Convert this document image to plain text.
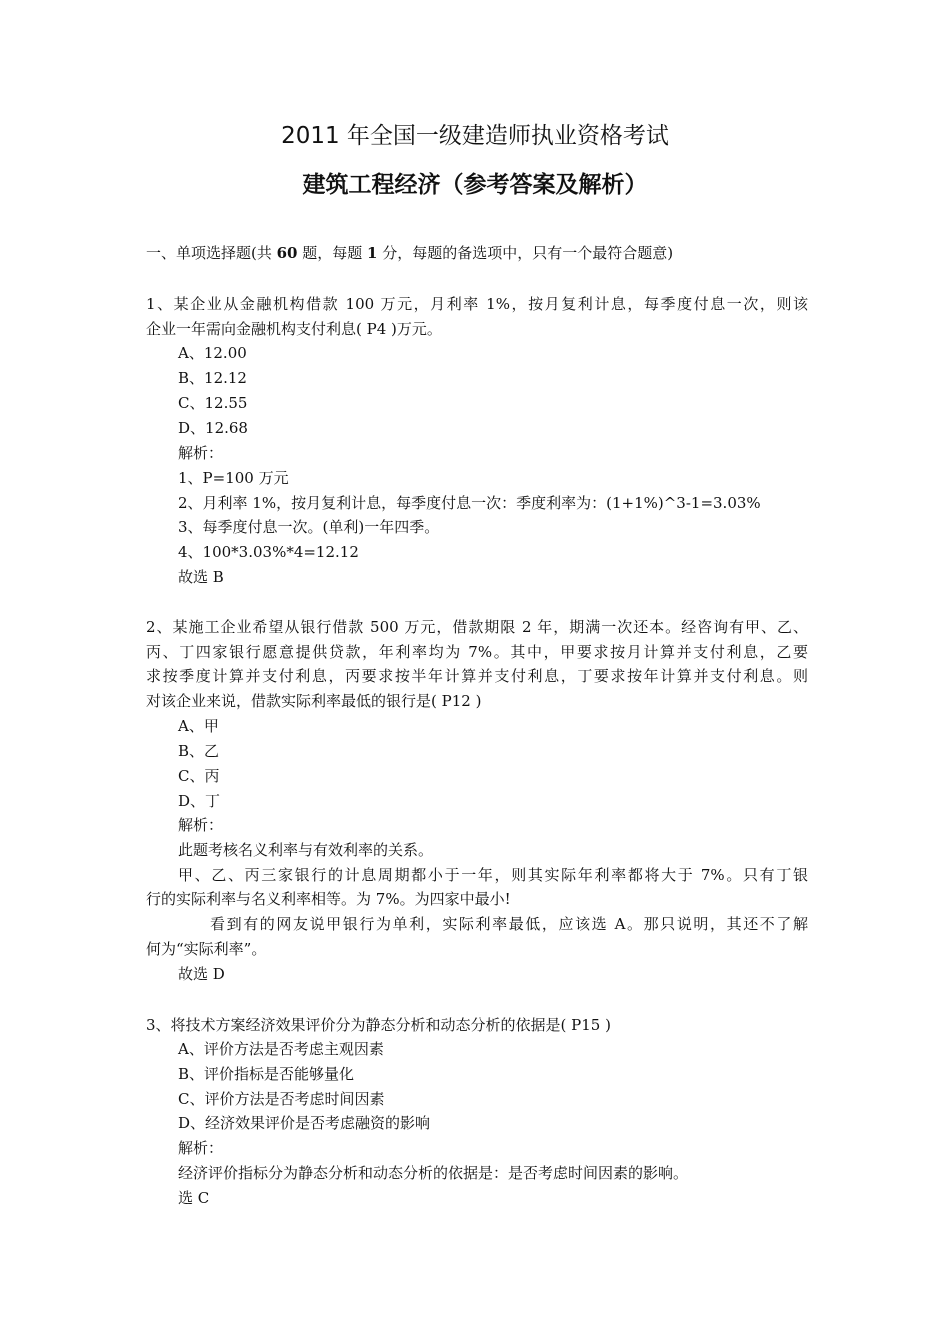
2011 年全国一级建造师执业资格考试
建筑工程经济（参考答案及解析）
一、单项选择题(共 60 题，每题 1 分，每题的备选项中，只有一个最符合题意)
1、某企业从金融机构借款 100 万元，月利率 1%，按月复利计息，每季度付息一次，则该
企业一年需向金融机构支付利息( P4 )万元。
A、12.00
B、12.12
C、12.55
D、12.68
解析：
1、P=100 万元
2、月利率 1%，按月复利计息，每季度付息一次：季度利率为：(1+1%)^3-1=3.03%
3、每季度付息一次。(单利)一年四季。
4、100*3.03%*4=12.12
故选 B
2、某施工企业希望从银行借款 500 万元，借款期限 2 年，期满一次还本。经咨询有甲、乙、
丙、丁四家银行愿意提供贷款，年利率均为 7%。其中，甲要求按月计算并支付利息，乙要
求按季度计算并支付利息，丙要求按半年计算并支付利息，丁要求按年计算并支付利息。则
对该企业来说，借款实际利率最低的银行是( P12 )
A、甲
B、乙
C、丙
D、丁
解析：
此题考核名义利率与有效利率的关系。
甲、乙、丙三家银行的计息周期都小于一年，则其实际年利率都将大于 7%。只有丁银
行的实际利率与名义利率相等。为 7%。为四家中最小!
看到有的网友说甲银行为单利，实际利率最低，应该选 A。那只说明，其还不了解
何为“实际利率”。
故选 D
3、将技术方案经济效果评价分为静态分析和动态分析的依据是( P15 )
A、评价方法是否考虑主观因素
B、评价指标是否能够量化
C、评价方法是否考虑时间因素
D、经济效果评价是否考虑融资的影响
解析：
经济评价指标分为静态分析和动态分析的依据是：是否考虑时间因素的影响。
选 C
